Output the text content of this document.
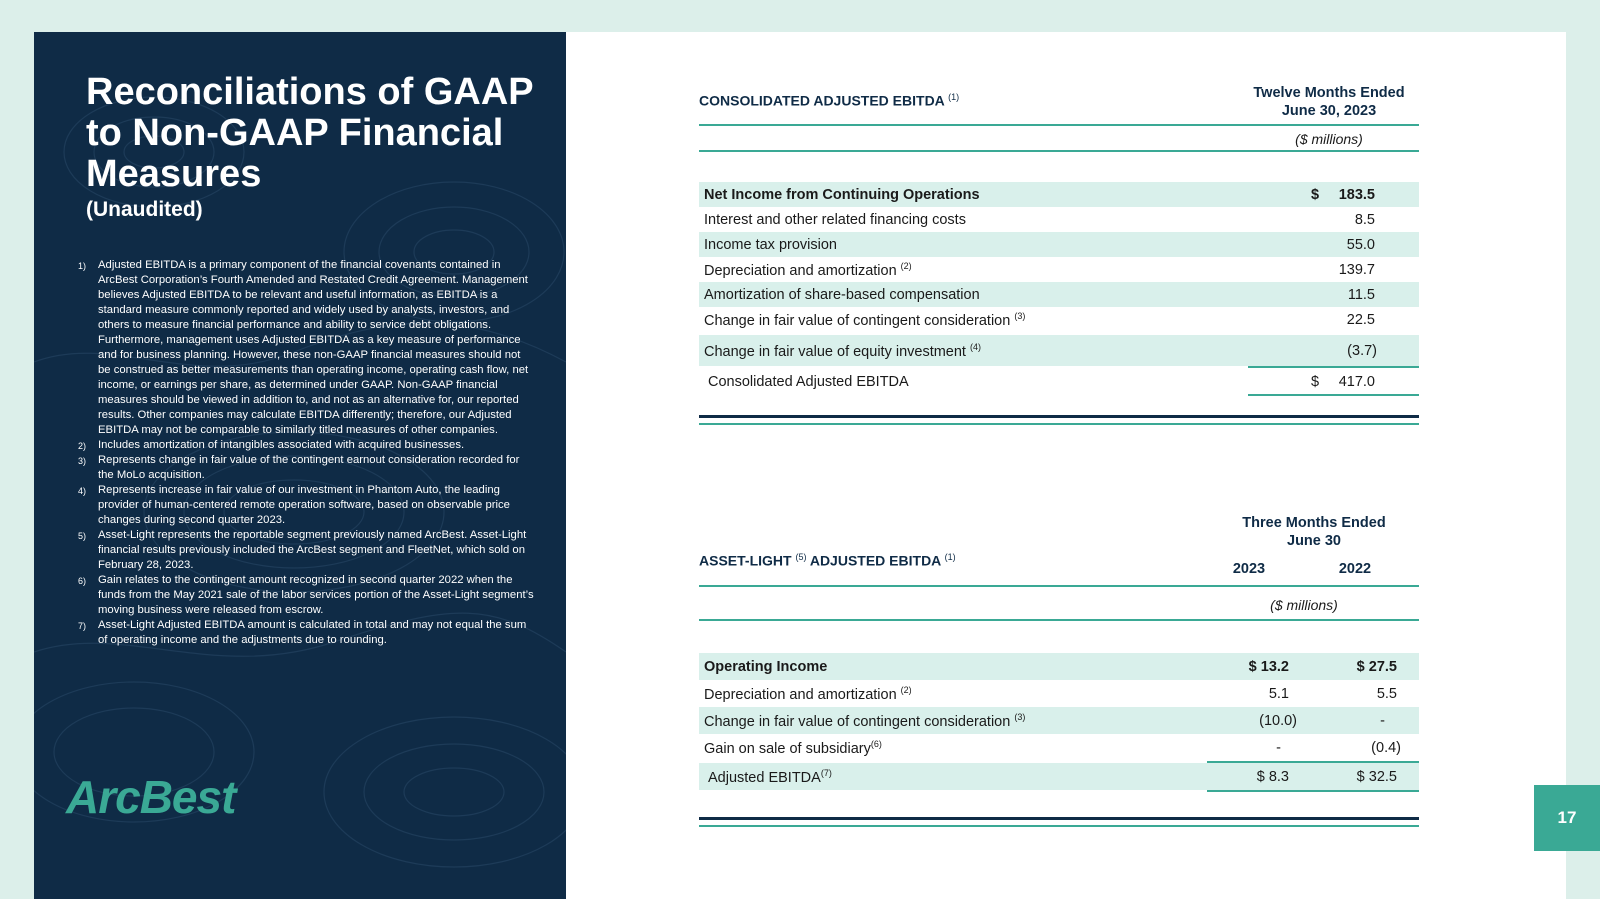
Reconciliations of GAAP to Non-GAAP Financial Measures
(Unaudited)
1) Adjusted EBITDA is a primary component of the financial covenants contained in ArcBest Corporation’s Fourth Amended and Restated Credit Agreement. Management believes Adjusted EBITDA to be relevant and useful information, as EBITDA is a standard measure commonly reported and widely used by analysts, investors, and others to measure financial performance and ability to service debt obligations. Furthermore, management uses Adjusted EBITDA as a key measure of performance and for business planning. However, these non-GAAP financial measures should not be construed as better measurements than operating income, operating cash flow, net income, or earnings per share, as determined under GAAP. Non-GAAP financial measures should be viewed in addition to, and not as an alternative for, our reported results. Other companies may calculate EBITDA differently; therefore, our Adjusted EBITDA may not be comparable to similarly titled measures of other companies.
2) Includes amortization of intangibles associated with acquired businesses.
3) Represents change in fair value of the contingent earnout consideration recorded for the MoLo acquisition.
4) Represents increase in fair value of our investment in Phantom Auto, the leading provider of human-centered remote operation software, based on observable price changes during second quarter 2023.
5) Asset-Light represents the reportable segment previously named ArcBest. Asset-Light financial results previously included the ArcBest segment and FleetNet, which sold on February 28, 2023.
6) Gain relates to the contingent amount recognized in second quarter 2022 when the funds from the May 2021 sale of the labor services portion of the Asset-Light segment’s moving business were released from escrow.
7) Asset-Light Adjusted EBITDA amount is calculated in total and may not equal the sum of operating income and the adjustments due to rounding.
ArcBest
CONSOLIDATED ADJUSTED EBITDA $^{(1)}$	Twelve Months Ended
June 30, 2023
($ millions)
Net Income from Continuing Operations	$ 183.5
Interest and other related financing costs	8.5
Income tax provision	55.0
Depreciation and amortization $^{(2)}$	139.7
Amortization of share-based compensation	11.5
Change in fair value of contingent consideration $^{(3)}$	22.5
Change in fair value of equity investment $^{(4)}$	(3.7)
Consolidated Adjusted EBITDA	$ 417.0
ASSET-LIGHT $^{(5)}$ ADJUSTED EBITDA $^{(1)}$
Three Months Ended
June 30
2023	2022
($ millions)
Operating Income	$ 13.2	$ 27.5
Depreciation and amortization $^{(2)}$	5.1	5.5
Change in fair value of contingent consideration $^{(3)}$	(10.0)	-
Gain on sale of subsidiary$^{(6)}$	-	(0.4)
Adjusted EBITDA$^{(7)}$	$ 8.3	$ 32.5
17
